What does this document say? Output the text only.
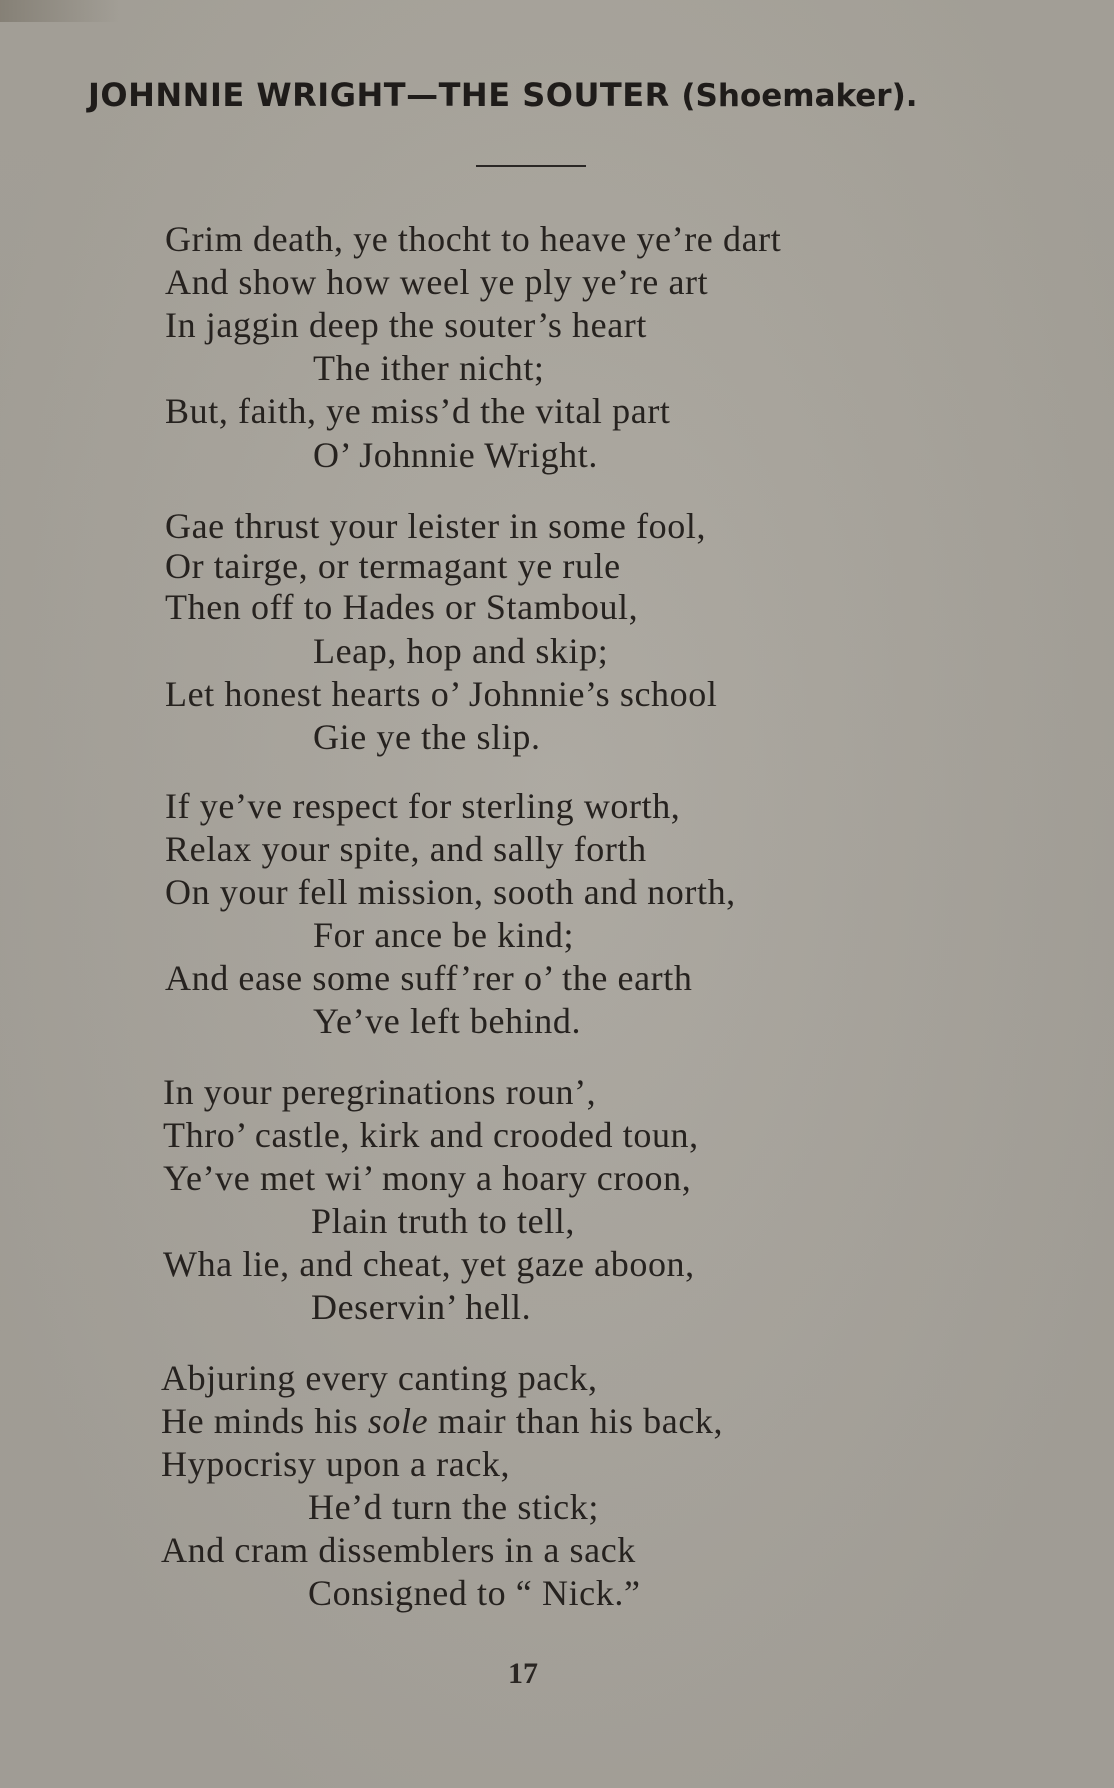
JOHNNIE WRIGHT—THE SOUTER (Shoemaker).
Grim death, ye thocht to heave ye’re dart
And show how weel ye ply ye’re art
In jaggin deep the souter’s heart
The ither nicht;
But, faith, ye miss’d the vital part
O’ Johnnie Wright.
Gae thrust your leister in some fool,
Or tairge, or termagant ye rule
Then off to Hades or Stamboul,
Leap, hop and skip;
Let honest hearts o’ Johnnie’s school
Gie ye the slip.
If ye’ve respect for sterling worth,
Relax your spite, and sally forth
On your fell mission, sooth and north,
For ance be kind;
And ease some suff’rer o’ the earth
Ye’ve left behind.
In your peregrinations roun’,
Thro’ castle, kirk and crooded toun,
Ye’ve met wi’ mony a hoary croon,
Plain truth to tell,
Wha lie, and cheat, yet gaze aboon,
Deservin’ hell.
Abjuring every canting pack,
He minds his sole mair than his back,
Hypocrisy upon a rack,
He’d turn the stick;
And cram dissemblers in a sack
Consigned to “ Nick.”
17
